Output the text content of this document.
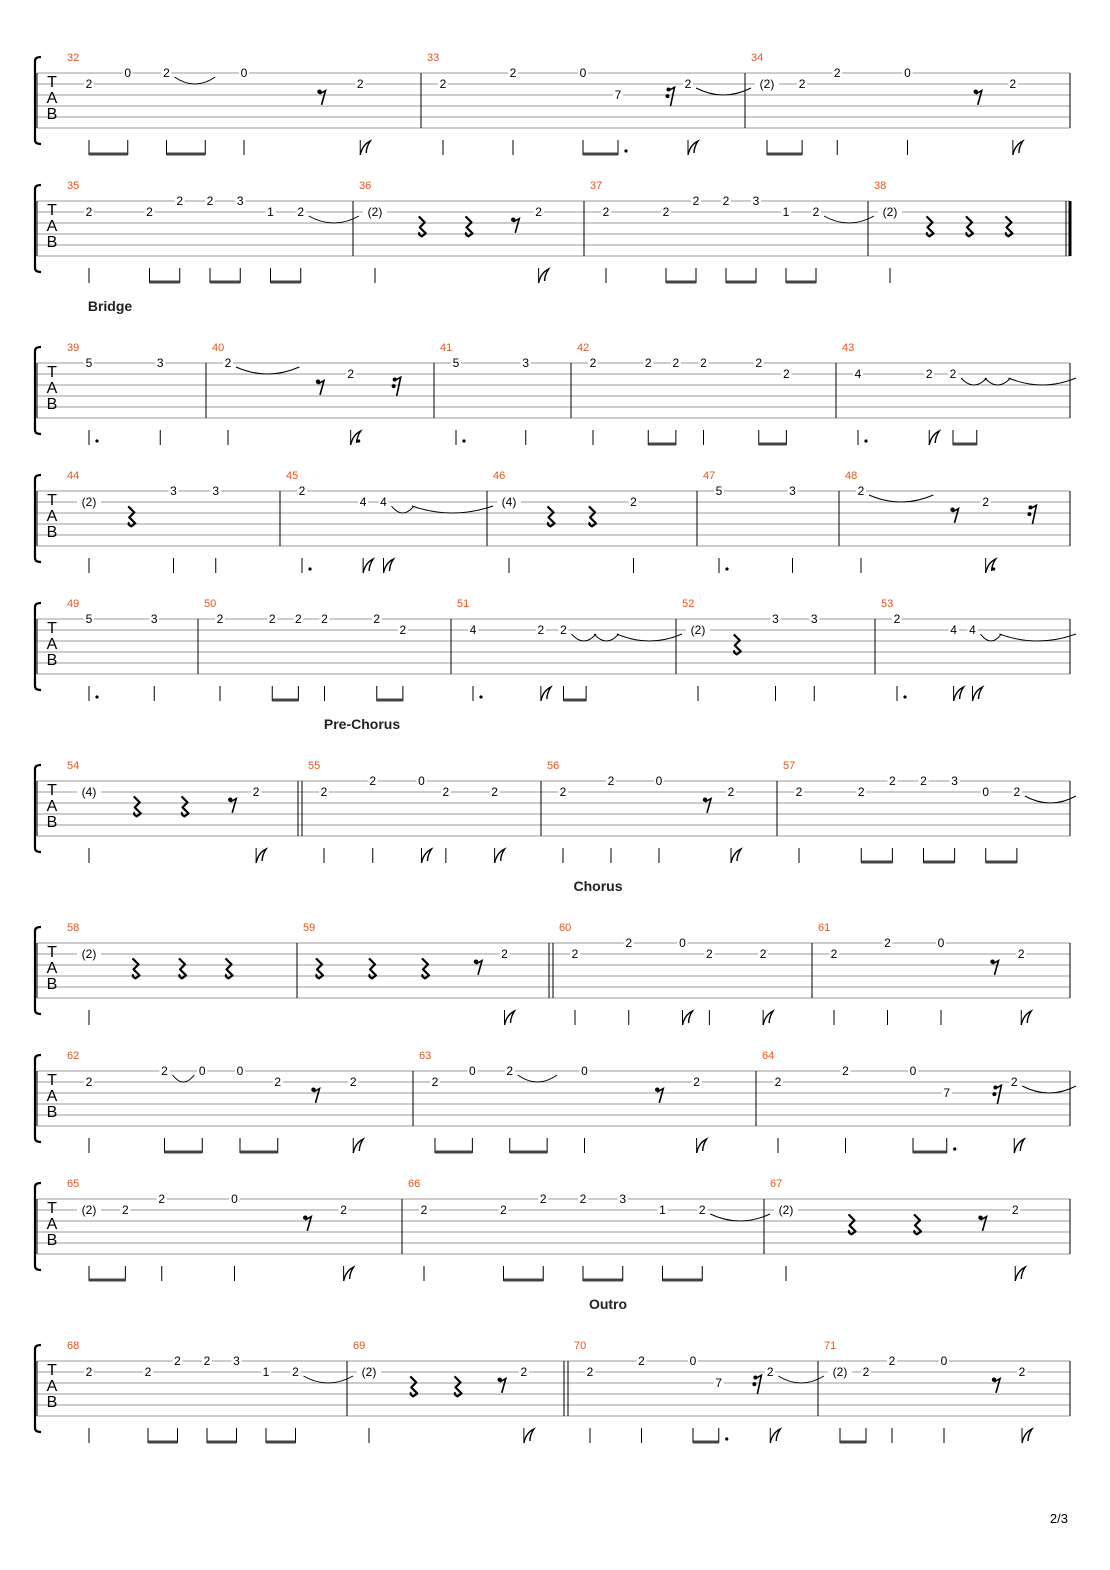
T
A
B
32
2
0	2	0
2
33
2
2	0
7
2
34
(2) 2
2	0
2
T
A
B
35
2	2
2 2 3
1 2
36
(2)	2
37
2	2
2 2 3
1 2
38
(2)
Bridge
T
A
B
39
5	3
40
2
2
41
5	3
42
2	2 2 2	2
2
43
4	2 2
T
A
B
44
(2)
3	3
45
2
4 4
46
(4)	2
47
5	3
48
2
2
T
A
B
49
5	3
50
2	2 2 2	2
2
51
4	2 2
52
(2)
3	3
53
2
4 4
Pre-Chorus
T
A
B
54
(4)	2
55
2
2	0
2	2
56
2
2	0
2
57
2	2
2 2 3
0 2
Chorus
T
A
B
58
(2)
59
2
60
2
2	0
2	2
61
2
2	0
2
T
A
B
62
2
2	0	0
2	2
63
2
0	2	0
2
64
2
2	0
7
2
T
A
B
65
(2) 2
2	0
2
66
2	2
2	2	3
1	2
67
(2)	2
Outro
T
A
B
68
2	2
2 2 3
1 2
69
(2)	2
70
2
2	0
7
2
71
(2) 2
2	0
2
2/3
